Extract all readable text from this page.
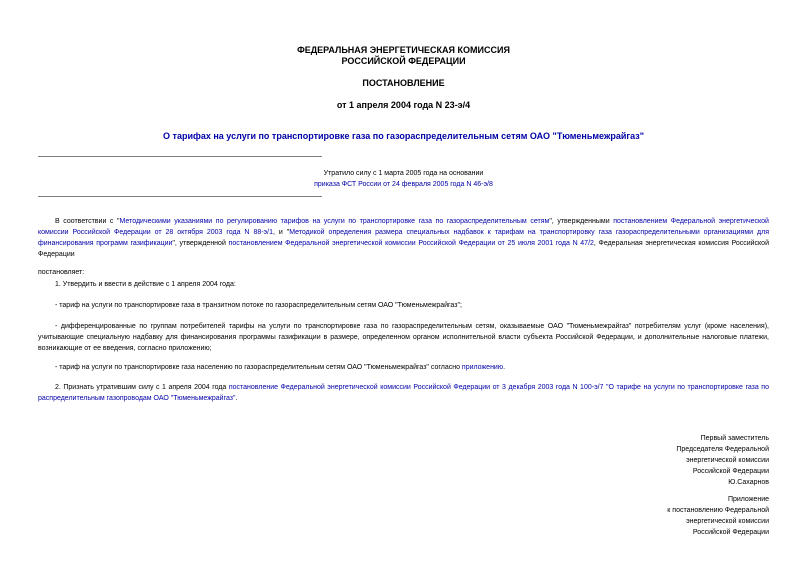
ФЕДЕРАЛЬНАЯ ЭНЕРГЕТИЧЕСКАЯ КОМИССИЯ
РОССИЙСКОЙ ФЕДЕРАЦИИ
ПОСТАНОВЛЕНИЕ
от 1 апреля 2004 года N 23-э/4
О тарифах на услуги по транспортировке газа по газораспределительным сетям ОАО "Тюменьмежрайгаз"
Утратило силу с 1 марта 2005 года на основании
приказа ФСТ России от 24 февраля 2005 года N 46-э/8
В соответствии с "Методическими указаниями по регулированию тарифов на услуги по транспортировке газа по газораспределительным сетям", утвержденными постановлением Федеральной энергетической комиссии Российской Федерации от 28 октября 2003 года N 88-э/1, и "Методикой определения размера специальных надбавок к тарифам на транспортировку газа газораспределительными организациями для финансирования программ газификации", утвержденной постановлением Федеральной энергетической комиссии Российской Федерации от 25 июля 2001 года N 47/2, Федеральная энергетическая комиссия Российской Федерации
постановляет:
1. Утвердить и ввести в действие с 1 апреля 2004 года:
- тариф на услуги по транспортировке газа в транзитном потоке по газораспределительным сетям ОАО "Тюменьмежрайгаз";
- дифференцированные по группам потребителей тарифы на услуги по транспортировке газа по газораспределительным сетям, оказываемые ОАО "Тюменьмежрайгаз" потребителям услуг (кроме населения), учитывающие специальную надбавку для финансирования программы газификации в размере, определенном органом исполнительной власти субъекта Российской Федерации, и дополнительные налоговые платежи, возникающие от ее введения, согласно приложению;
- тариф на услуги по транспортировке газа населению по газораспределительным сетям ОАО "Тюменьмежрайгаз" согласно приложению.
2. Признать утратившим силу с 1 апреля 2004 года постановление Федеральной энергетической комиссии Российской Федерации от 3 декабря 2003 года N 100-э/7 "О тарифе на услуги по транспортировке газа по распределительным газопроводам ОАО "Тюменьмежрайгаз".
Первый заместитель
Председателя Федеральной
энергетической комиссии
Российской Федерации
Ю.Сахарнов
Приложение
к постановлению Федеральной
энергетической комиссии
Российской Федерации
